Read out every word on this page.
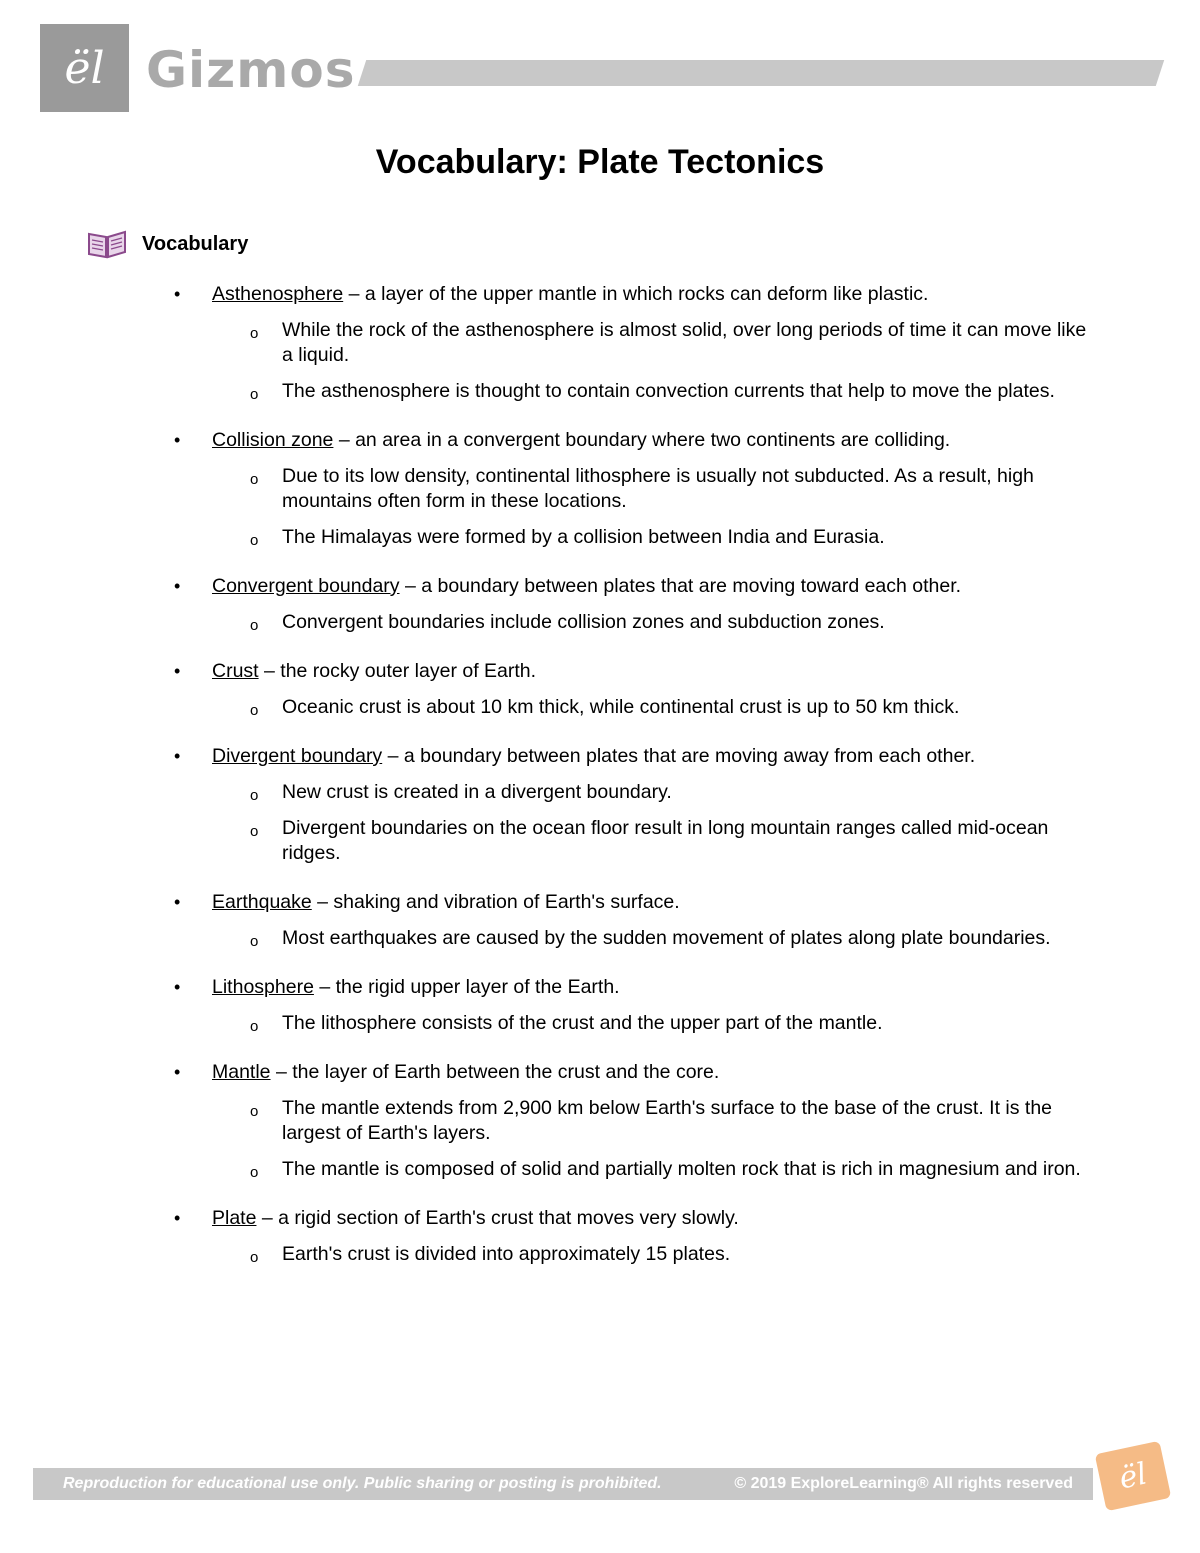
ël Gizmos
Vocabulary: Plate Tectonics
Vocabulary
• Asthenosphere – a layer of the upper mantle in which rocks can deform like plastic.
o While the rock of the asthenosphere is almost solid, over long periods of time it can move like a liquid.
o The asthenosphere is thought to contain convection currents that help to move the plates.
• Collision zone – an area in a convergent boundary where two continents are colliding.
o Due to its low density, continental lithosphere is usually not subducted. As a result, high mountains often form in these locations.
o The Himalayas were formed by a collision between India and Eurasia.
• Convergent boundary – a boundary between plates that are moving toward each other.
o Convergent boundaries include collision zones and subduction zones.
• Crust – the rocky outer layer of Earth.
o Oceanic crust is about 10 km thick, while continental crust is up to 50 km thick.
• Divergent boundary – a boundary between plates that are moving away from each other.
o New crust is created in a divergent boundary.
o Divergent boundaries on the ocean floor result in long mountain ranges called mid-ocean ridges.
• Earthquake – shaking and vibration of Earth's surface.
o Most earthquakes are caused by the sudden movement of plates along plate boundaries.
• Lithosphere – the rigid upper layer of the Earth.
o The lithosphere consists of the crust and the upper part of the mantle.
• Mantle – the layer of Earth between the crust and the core.
o The mantle extends from 2,900 km below Earth's surface to the base of the crust. It is the largest of Earth's layers.
o The mantle is composed of solid and partially molten rock that is rich in magnesium and iron.
• Plate – a rigid section of Earth's crust that moves very slowly.
o Earth's crust is divided into approximately 15 plates.
Reproduction for educational use only. Public sharing or posting is prohibited.	© 2019 ExploreLearning® All rights reserved	ël
